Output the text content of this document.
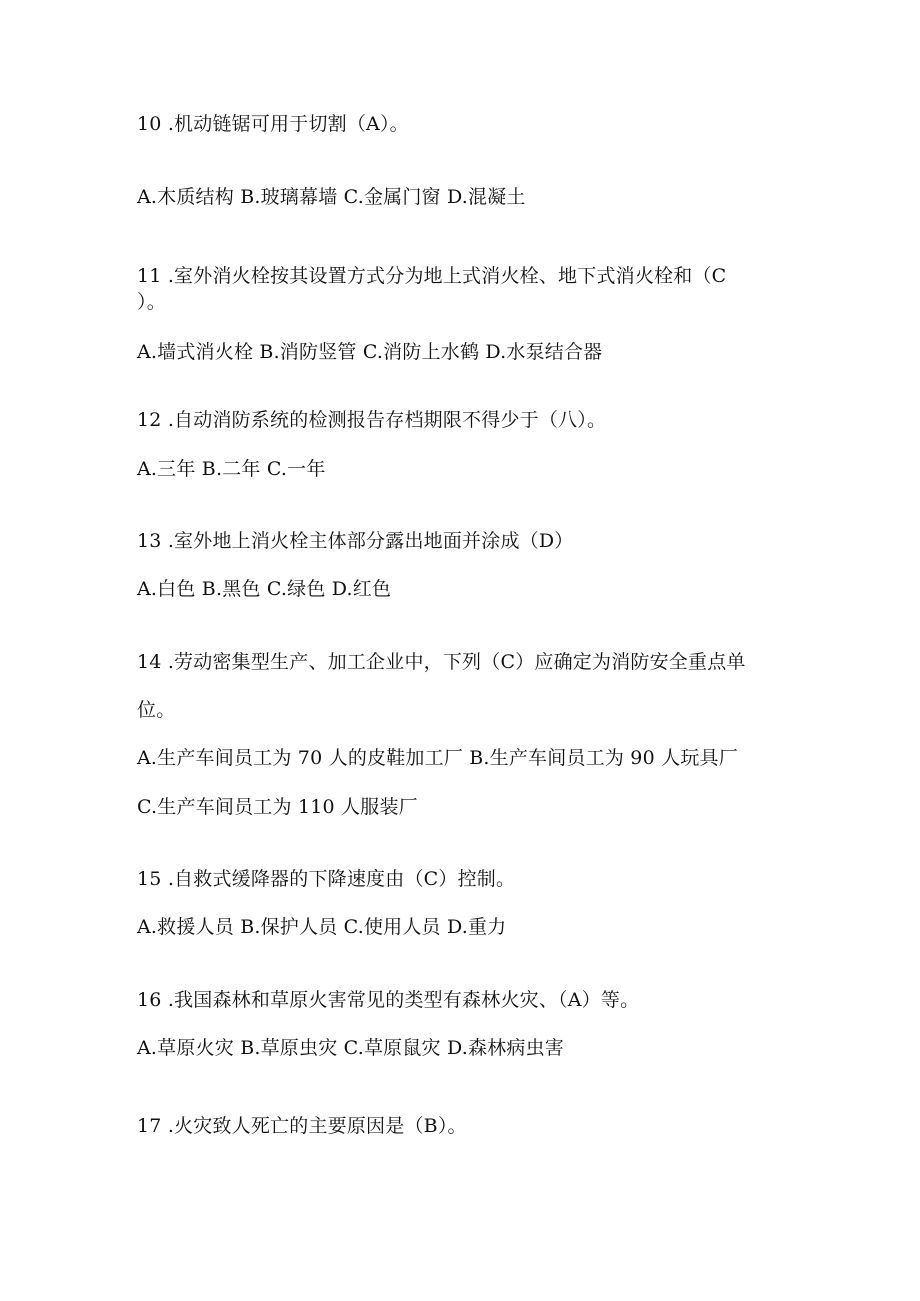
10 .机动链锯可用于切割（A）。
A.木质结构 B.玻璃幕墙 C.金属门窗 D.混凝土
11 .室外消火栓按其设置方式分为地上式消火栓、地下式消火栓和（C
）。
A.墙式消火栓 B.消防竖管 C.消防上水鹤 D.水泵结合器
12 .自动消防系统的检测报告存档期限不得少于（八）。
A.三年 B.二年 C.一年
13 .室外地上消火栓主体部分露出地面并涂成（D）
A.白色 B.黑色 C.绿色 D.红色
14 .劳动密集型生产、加工企业中，下列（C）应确定为消防安全重点单
位。
A.生产车间员工为 70 人的皮鞋加工厂 B.生产车间员工为 90 人玩具厂
C.生产车间员工为 110 人服装厂
15 .自救式缓降器的下降速度由（C）控制。
A.救援人员 B.保护人员 C.使用人员 D.重力
16 .我国森林和草原火害常见的类型有森林火灾、（A）等。
A.草原火灾 B.草原虫灾 C.草原鼠灾 D.森林病虫害
17 .火灾致人死亡的主要原因是（B）。
